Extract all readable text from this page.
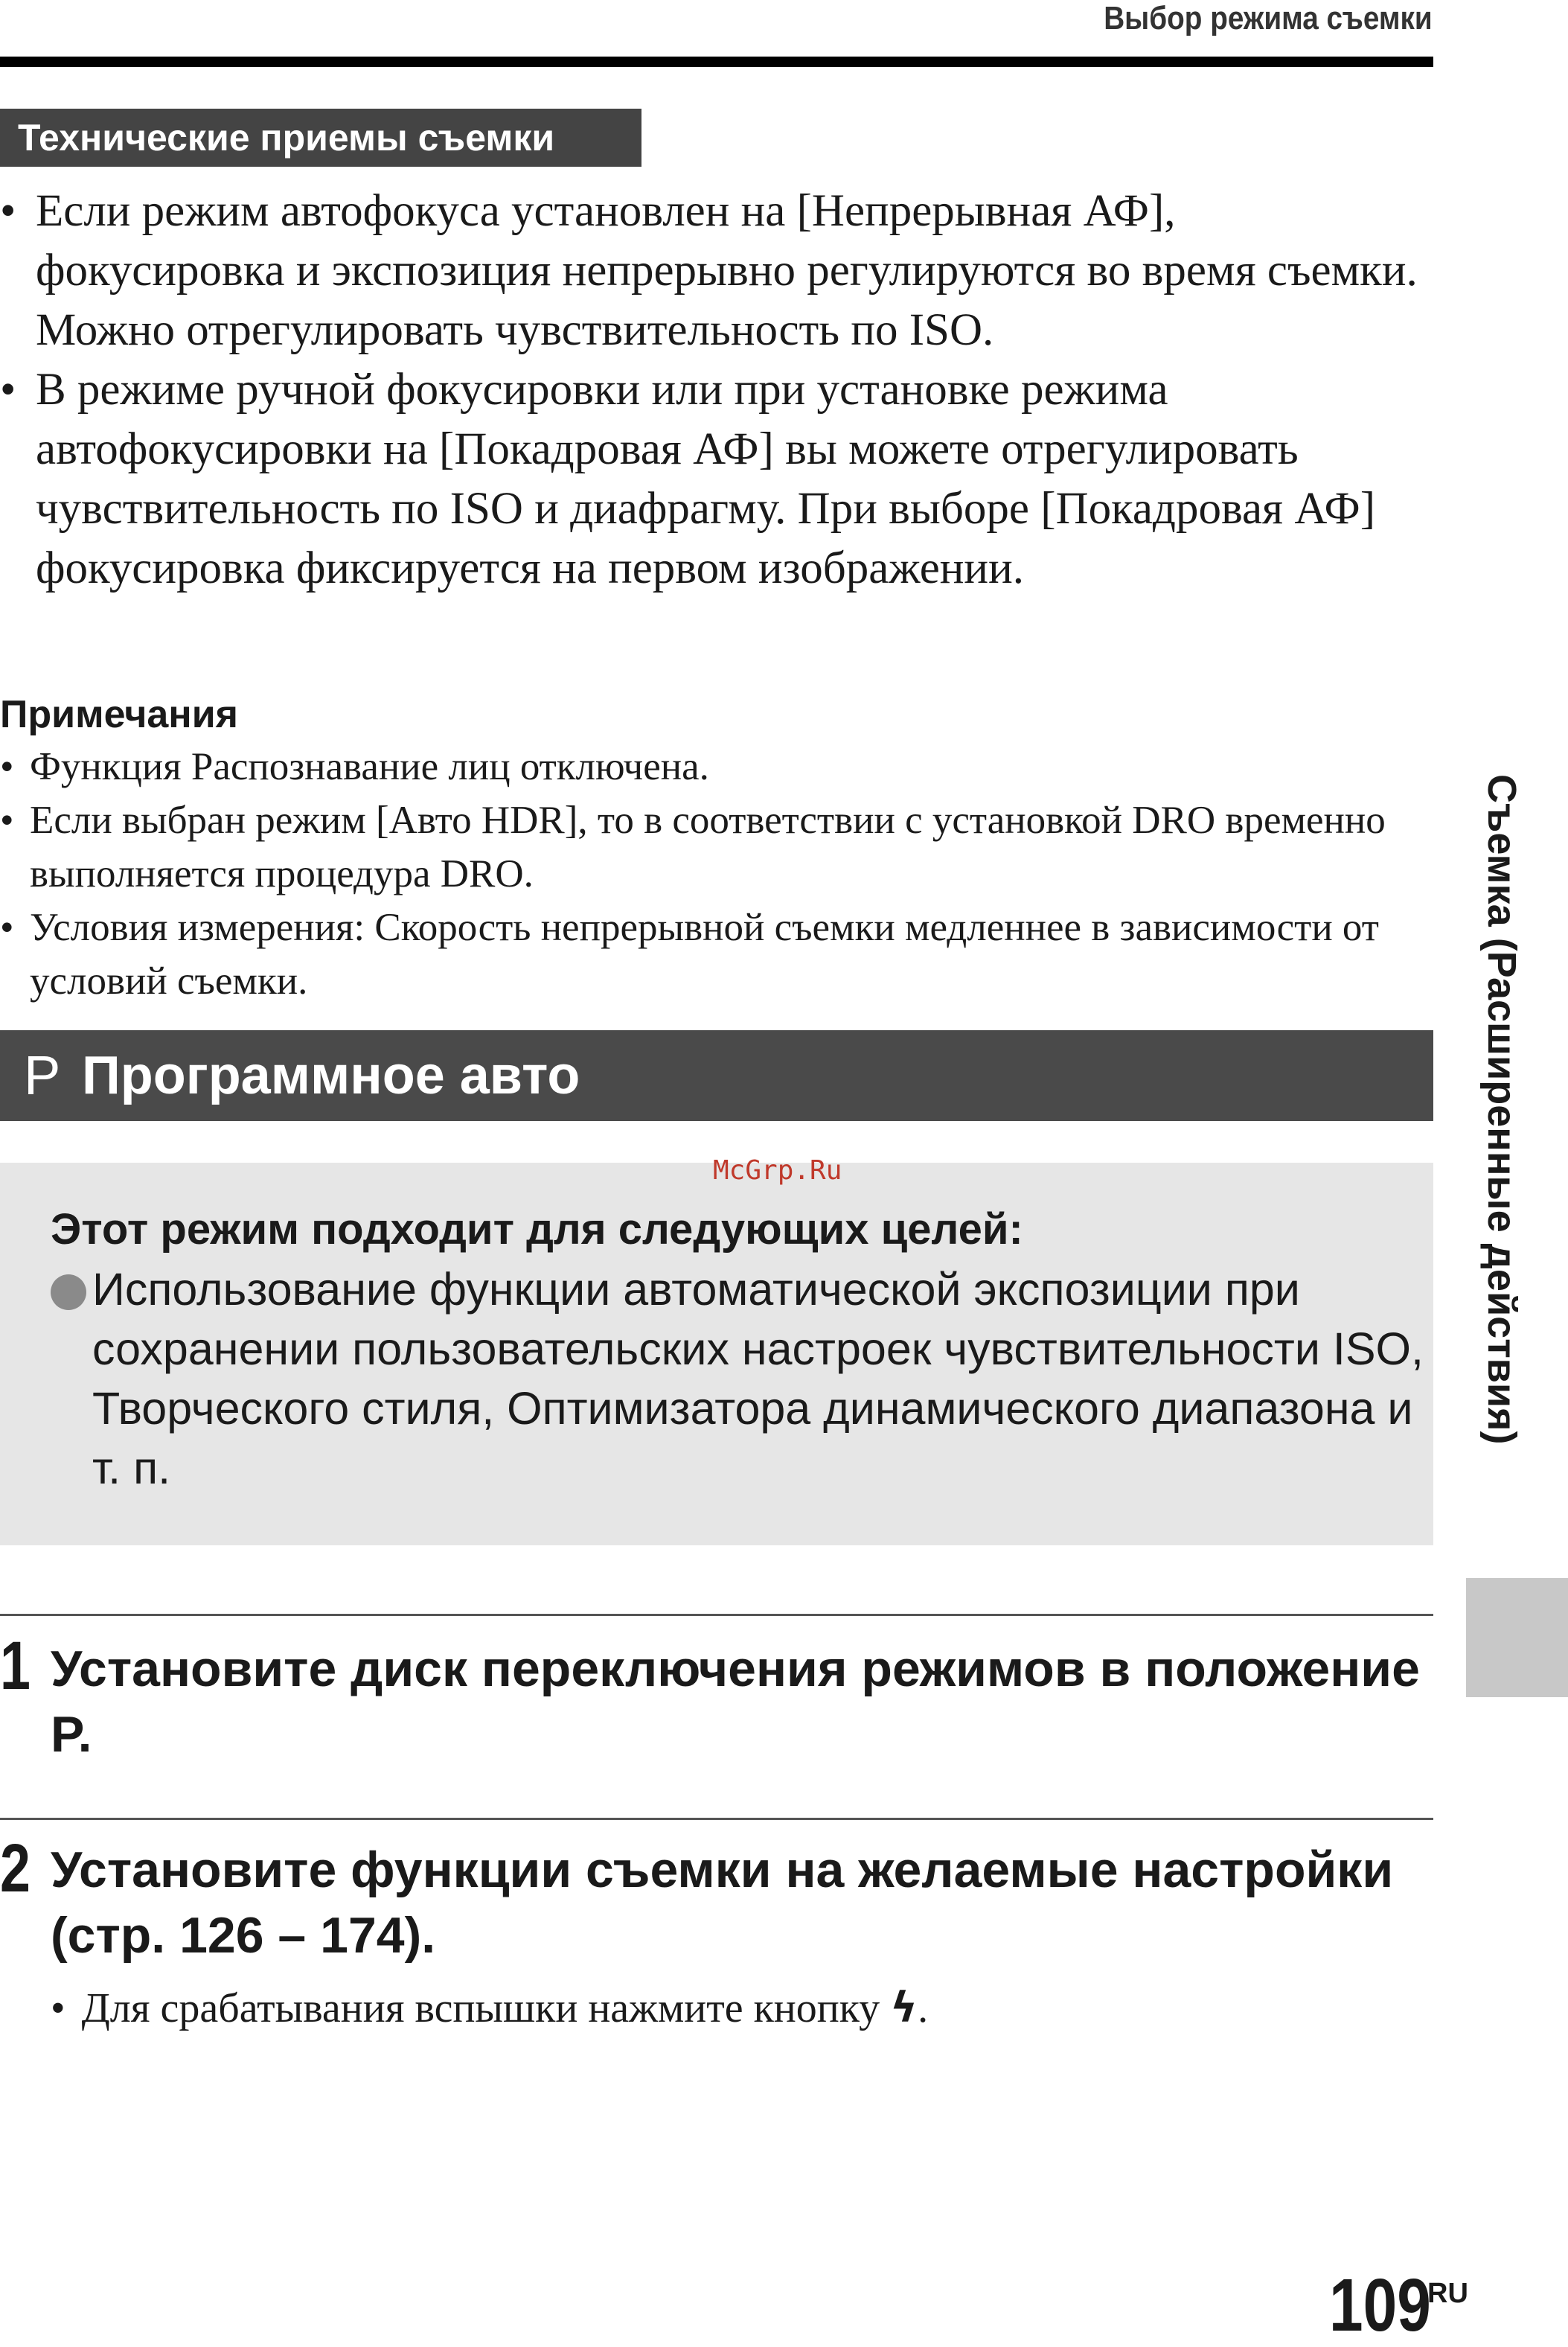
Выбор режима съемки
Технические приемы съемки
• Если режим автофокуса установлен на [Непрерывная АФ], фокусировка и экспозиция непрерывно регулируются во время съемки. Можно отрегулировать чувствительность по ISO.
• В режиме ручной фокусировки или при установке режима автофокусировки на [Покадровая АФ] вы можете отрегулировать чувствительность по ISO и диафрагму. При выборе [Покадровая АФ] фокусировка фиксируется на первом изображении.
Примечания
• Функция Распознавание лиц отключена.
• Если выбран режим [Авто HDR], то в соответствии с установкой DRO временно выполняется процедура DRO.
• Условия измерения: Скорость непрерывной съемки медленнее в зависимости от условий съемки.
P Программное авто
McGrp.Ru
Этот режим подходит для следующих целей:
Использование функции автоматической экспозиции при сохранении пользовательских настроек чувствительности ISO, Творческого стиля, Оптимизатора динамического диапазона и т. п.
1 Установите диск переключения режимов в положение P.
2 Установите функции съемки на желаемые настройки (стр. 126 – 174).
• Для срабатывания вспышки нажмите кнопку ϟ.
Съемка (Расширенные действия)
109
RU
